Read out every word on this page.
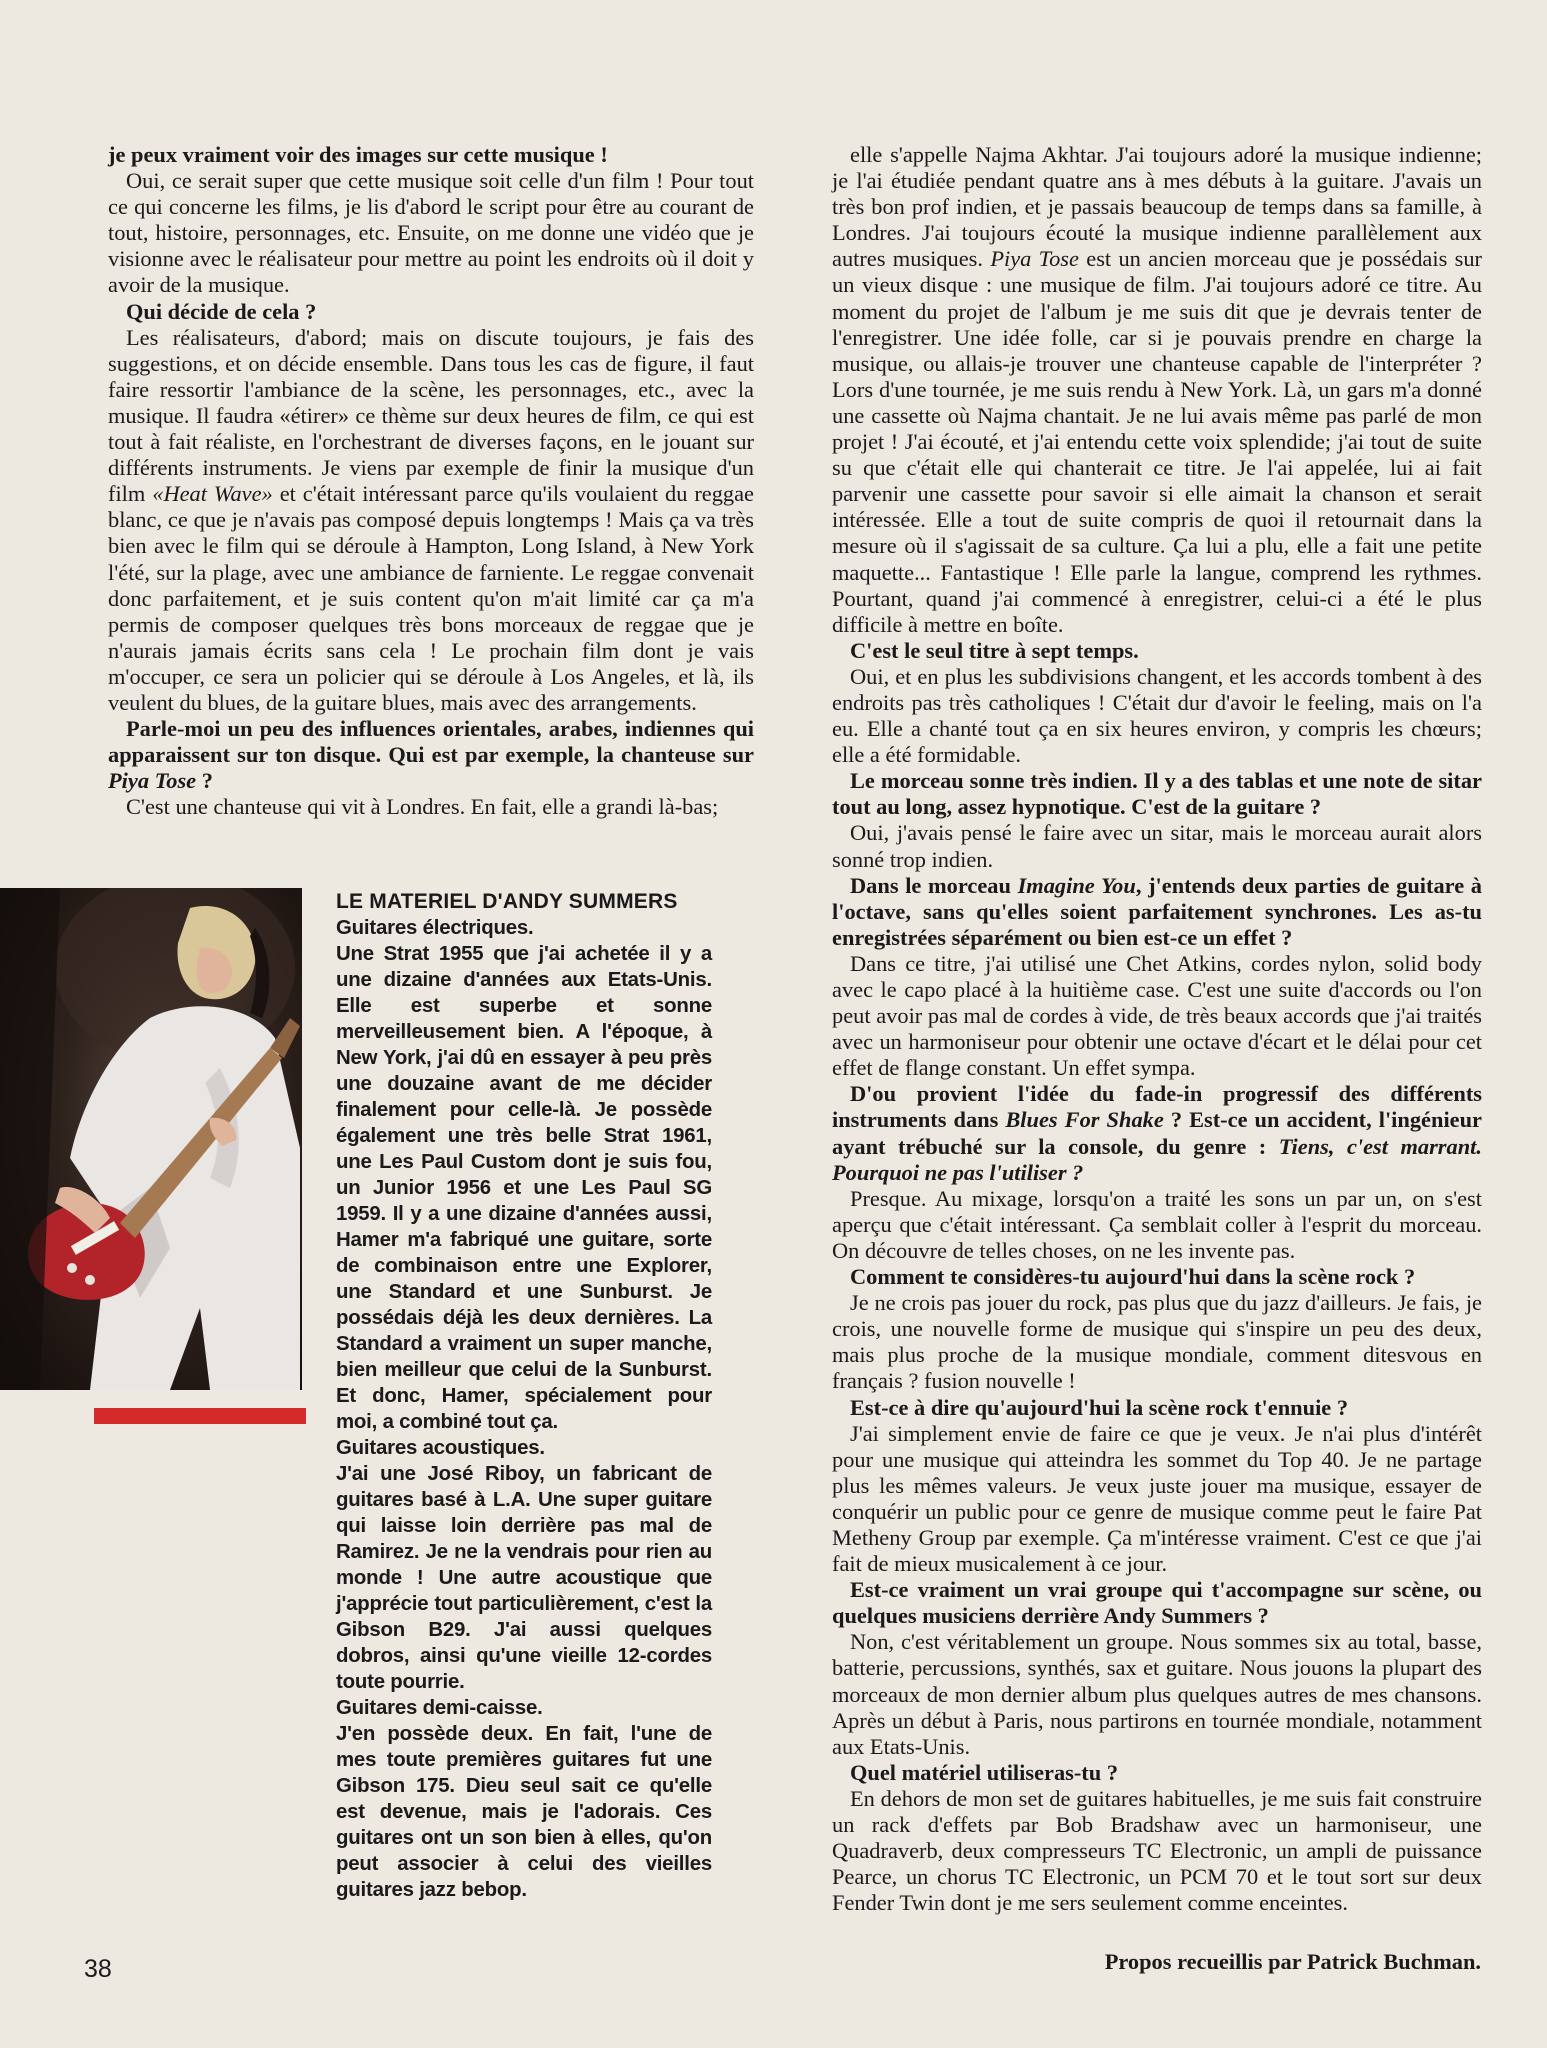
je peux vraiment voir des images sur cette musique !

Oui, ce serait super que cette musique soit celle d'un film ! Pour tout ce qui concerne les films, je lis d'abord le script pour être au courant de tout, histoire, personnages, etc. Ensuite, on me donne une vidéo que je visionne avec le réalisateur pour mettre au point les endroits où il doit y avoir de la musique.

Qui décide de cela ?

Les réalisateurs, d'abord; mais on discute toujours, je fais des suggestions, et on décide ensemble. Dans tous les cas de figure, il faut faire ressortir l'ambiance de la scène, les personnages, etc., avec la musique. Il faudra «étirer» ce thème sur deux heures de film, ce qui est tout à fait réaliste, en l'orchestrant de diverses façons, en le jouant sur différents instruments. Je viens par exemple de finir la musique d'un film «Heat Wave» et c'était intéressant parce qu'ils voulaient du reggae blanc, ce que je n'avais pas composé depuis longtemps ! Mais ça va très bien avec le film qui se déroule à Hampton, Long Island, à New York l'été, sur la plage, avec une ambiance de farniente. Le reggae convenait donc parfaitement, et je suis content qu'on m'ait limité car ça m'a permis de composer quelques très bons morceaux de reggae que je n'aurais jamais écrits sans cela ! Le prochain film dont je vais m'occuper, ce sera un policier qui se déroule à Los Angeles, et là, ils veulent du blues, de la guitare blues, mais avec des arrangements.

Parle-moi un peu des influences orientales, arabes, indiennes qui apparaissent sur ton disque. Qui est par exemple, la chanteuse sur Piya Tose ?

C'est une chanteuse qui vit à Londres. En fait, elle a grandi là-bas;

LE MATERIEL D'ANDY SUMMERS

Guitares électriques.

Une Strat 1955 que j'ai achetée il y a une dizaine d'années aux Etats-Unis. Elle est superbe et sonne merveilleusement bien. A l'époque, à New York, j'ai dû en essayer à peu près une douzaine avant de me décider finalement pour celle-là. Je possède également une très belle Strat 1961, une Les Paul Custom dont je suis fou, un Junior 1956 et une Les Paul SG 1959. Il y a une dizaine d'années aussi, Hamer m'a fabriqué une guitare, sorte de combinaison entre une Explorer, une Standard et une Sunburst. Je possédais déjà les deux dernières. La Standard a vraiment un super manche, bien meilleur que celui de la Sunburst. Et donc, Hamer, spécialement pour moi, a combiné tout ça.

Guitares acoustiques.

J'ai une José Riboy, un fabricant de guitares basé à L.A. Une super guitare qui laisse loin derrière pas mal de Ramirez. Je ne la vendrais pour rien au monde ! Une autre acoustique que j'apprécie tout particulièrement, c'est la Gibson B29. J'ai aussi quelques dobros, ainsi qu'une vieille 12-cordes toute pourrie.

Guitares demi-caisse.

J'en possède deux. En fait, l'une de mes toute premières guitares fut une Gibson 175. Dieu seul sait ce qu'elle est devenue, mais je l'adorais. Ces guitares ont un son bien à elles, qu'on peut associer à celui des vieilles guitares jazz bebop.

elle s'appelle Najma Akhtar. J'ai toujours adoré la musique indienne; je l'ai étudiée pendant quatre ans à mes débuts à la guitare. J'avais un très bon prof indien, et je passais beaucoup de temps dans sa famille, à Londres. J'ai toujours écouté la musique indienne parallèlement aux autres musiques. Piya Tose est un ancien morceau que je possédais sur un vieux disque : une musique de film. J'ai toujours adoré ce titre. Au moment du projet de l'album je me suis dit que je devrais tenter de l'enregistrer. Une idée folle, car si je pouvais prendre en charge la musique, ou allais-je trouver une chanteuse capable de l'interpréter ? Lors d'une tournée, je me suis rendu à New York. Là, un gars m'a donné une cassette où Najma chantait. Je ne lui avais même pas parlé de mon projet ! J'ai écouté, et j'ai entendu cette voix splendide; j'ai tout de suite su que c'était elle qui chanterait ce titre. Je l'ai appelée, lui ai fait parvenir une cassette pour savoir si elle aimait la chanson et serait intéressée. Elle a tout de suite compris de quoi il retournait dans la mesure où il s'agissait de sa culture. Ça lui a plu, elle a fait une petite maquette... Fantastique ! Elle parle la langue, comprend les rythmes. Pourtant, quand j'ai commencé à enregistrer, celui-ci a été le plus difficile à mettre en boîte.

C'est le seul titre à sept temps.

Oui, et en plus les subdivisions changent, et les accords tombent à des endroits pas très catholiques ! C'était dur d'avoir le feeling, mais on l'a eu. Elle a chanté tout ça en six heures environ, y compris les chœurs; elle a été formidable.

Le morceau sonne très indien. Il y a des tablas et une note de sitar tout au long, assez hypnotique. C'est de la guitare ?

Oui, j'avais pensé le faire avec un sitar, mais le morceau aurait alors sonné trop indien.

Dans le morceau Imagine You, j'entends deux parties de guitare à l'octave, sans qu'elles soient parfaitement synchrones. Les as-tu enregistrées séparément ou bien est-ce un effet ?

Dans ce titre, j'ai utilisé une Chet Atkins, cordes nylon, solid body avec le capo placé à la huitième case. C'est une suite d'accords ou l'on peut avoir pas mal de cordes à vide, de très beaux accords que j'ai traités avec un harmoniseur pour obtenir une octave d'écart et le délai pour cet effet de flange constant. Un effet sympa.

D'ou provient l'idée du fade-in progressif des différents instruments dans Blues For Shake ? Est-ce un accident, l'ingénieur ayant trébuché sur la console, du genre : Tiens, c'est marrant. Pourquoi ne pas l'utiliser ?

Presque. Au mixage, lorsqu'on a traité les sons un par un, on s'est aperçu que c'était intéressant. Ça semblait coller à l'esprit du morceau. On découvre de telles choses, on ne les invente pas.

Comment te considères-tu aujourd'hui dans la scène rock ?

Je ne crois pas jouer du rock, pas plus que du jazz d'ailleurs. Je fais, je crois, une nouvelle forme de musique qui s'inspire un peu des deux, mais plus proche de la musique mondiale, comment ditesvous en français ? fusion nouvelle !

Est-ce à dire qu'aujourd'hui la scène rock t'ennuie ?

J'ai simplement envie de faire ce que je veux. Je n'ai plus d'intérêt pour une musique qui atteindra les sommet du Top 40. Je ne partage plus les mêmes valeurs. Je veux juste jouer ma musique, essayer de conquérir un public pour ce genre de musique comme peut le faire Pat Metheny Group par exemple. Ça m'intéresse vraiment. C'est ce que j'ai fait de mieux musicalement à ce jour.

Est-ce vraiment un vrai groupe qui t'accompagne sur scène, ou quelques musiciens derrière Andy Summers ?

Non, c'est véritablement un groupe. Nous sommes six au total, basse, batterie, percussions, synthés, sax et guitare. Nous jouons la plupart des morceaux de mon dernier album plus quelques autres de mes chansons. Après un début à Paris, nous partirons en tournée mondiale, notamment aux Etats-Unis.

Quel matériel utiliseras-tu ?

En dehors de mon set de guitares habituelles, je me suis fait construire un rack d'effets par Bob Bradshaw avec un harmoniseur, une Quadraverb, deux compresseurs TC Electronic, un ampli de puissance Pearce, un chorus TC Electronic, un PCM 70 et le tout sort sur deux Fender Twin dont je me sers seulement comme enceintes.

Propos recueillis par Patrick Buchman.
38
